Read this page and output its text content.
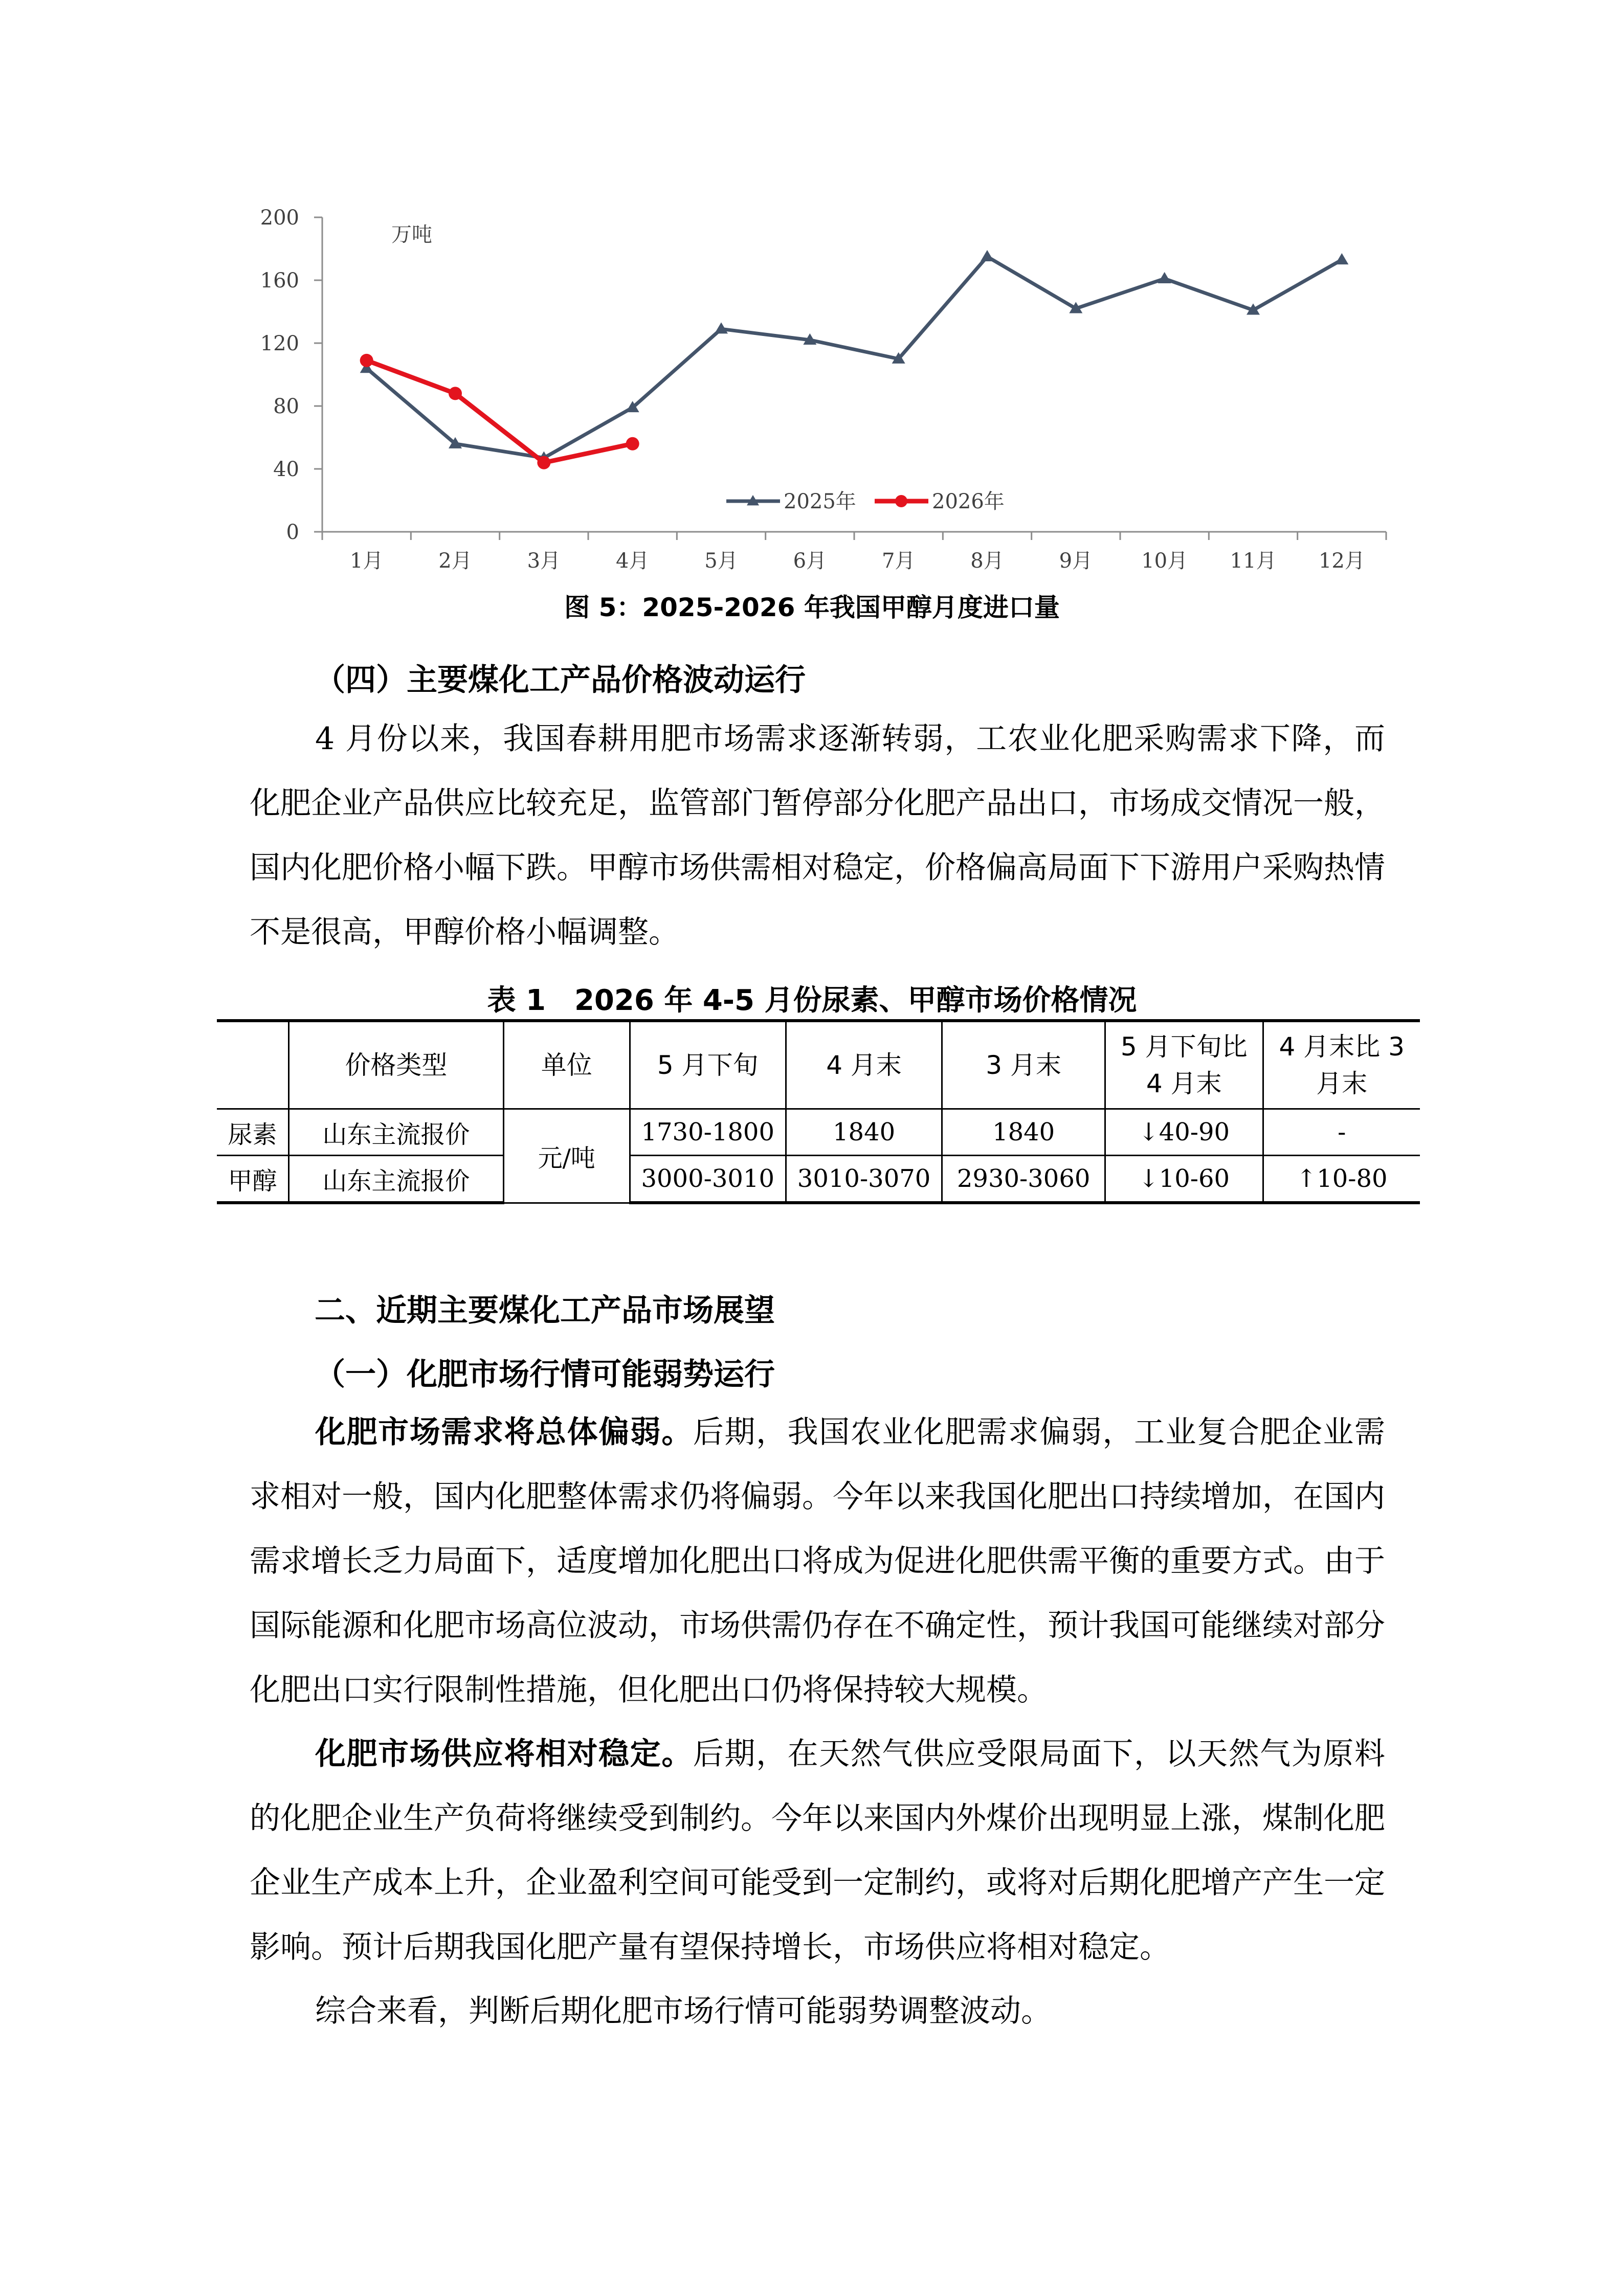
万吨
0
40
80
120
160
200
1月	2月	3月	4月	5月	6月	7月	8月	9月 10月 11月 12月
2025年	2026年
图 5：2025-2026 年我国甲醇月度进口量
（四）主要煤化工产品价格波动运行
4 月份以来，我国春耕用肥市场需求逐渐转弱，工农业化肥采购需求下降，而化肥企业产品供应比较充足，监管部门暂停部分化肥产品出口，市场成交情况一般，国内化肥价格小幅下跌。甲醇市场供需相对稳定，价格偏高局面下下游用户采购热情不是很高，甲醇价格小幅调整。
表 1　2026 年 4-5 月份尿素、甲醇市场价格情况
	价格类型	单位	5 月下旬	4 月末	3 月末	5 月下旬比 4 月末	4 月末比 3 月末
尿素	山东主流报价	元/吨	1730-1800	1840	1840	↓40-90	-
甲醇	山东主流报价		3000-3010	3010-3070	2930-3060	↓10-60	↑10-80
二、近期主要煤化工产品市场展望
（一）化肥市场行情可能弱势运行
化肥市场需求将总体偏弱。后期，我国农业化肥需求偏弱，工业复合肥企业需求相对一般，国内化肥整体需求仍将偏弱。今年以来我国化肥出口持续增加，在国内需求增长乏力局面下，适度增加化肥出口将成为促进化肥供需平衡的重要方式。由于国际能源和化肥市场高位波动，市场供需仍存在不确定性，预计我国可能继续对部分化肥出口实行限制性措施，但化肥出口仍将保持较大规模。
化肥市场供应将相对稳定。后期，在天然气供应受限局面下，以天然气为原料的化肥企业生产负荷将继续受到制约。今年以来国内外煤价出现明显上涨，煤制化肥企业生产成本上升，企业盈利空间可能受到一定制约，或将对后期化肥增产产生一定影响。预计后期我国化肥产量有望保持增长，市场供应将相对稳定。
综合来看，判断后期化肥市场行情可能弱势调整波动。
